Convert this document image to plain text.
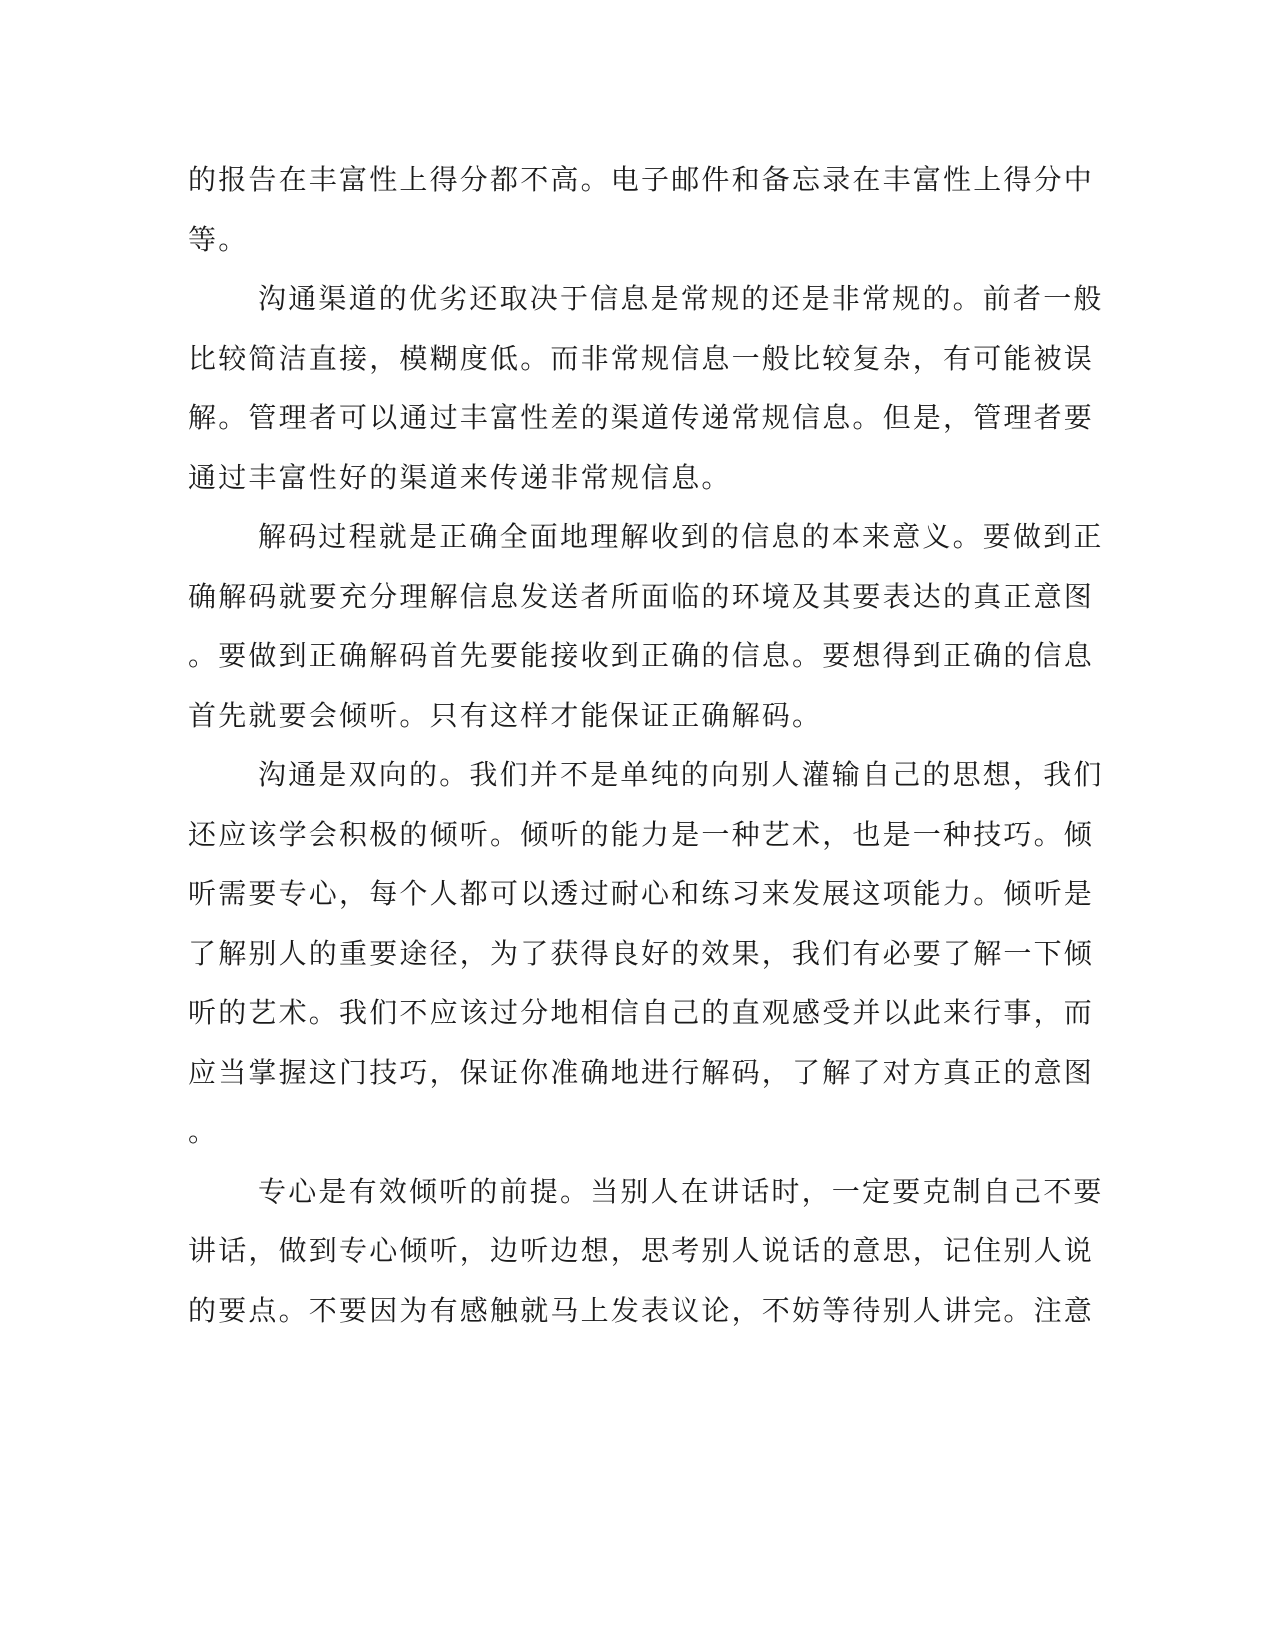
的报告在丰富性上得分都不高。电子邮件和备忘录在丰富性上得分中
等。
沟通渠道的优劣还取决于信息是常规的还是非常规的。前者一般
比较简洁直接，模糊度低。而非常规信息一般比较复杂，有可能被误
解。管理者可以通过丰富性差的渠道传递常规信息。但是，管理者要
通过丰富性好的渠道来传递非常规信息。
解码过程就是正确全面地理解收到的信息的本来意义。要做到正
确解码就要充分理解信息发送者所面临的环境及其要表达的真正意图
。要做到正确解码首先要能接收到正确的信息。要想得到正确的信息
首先就要会倾听。只有这样才能保证正确解码。
沟通是双向的。我们并不是单纯的向别人灌输自己的思想，我们
还应该学会积极的倾听。倾听的能力是一种艺术，也是一种技巧。倾
听需要专心，每个人都可以透过耐心和练习来发展这项能力。倾听是
了解别人的重要途径，为了获得良好的效果，我们有必要了解一下倾
听的艺术。我们不应该过分地相信自己的直观感受并以此来行事，而
应当掌握这门技巧，保证你准确地进行解码，了解了对方真正的意图
。
专心是有效倾听的前提。当别人在讲话时，一定要克制自己不要
讲话，做到专心倾听，边听边想，思考别人说话的意思，记住别人说
的要点。不要因为有感触就马上发表议论，不妨等待别人讲完。注意
